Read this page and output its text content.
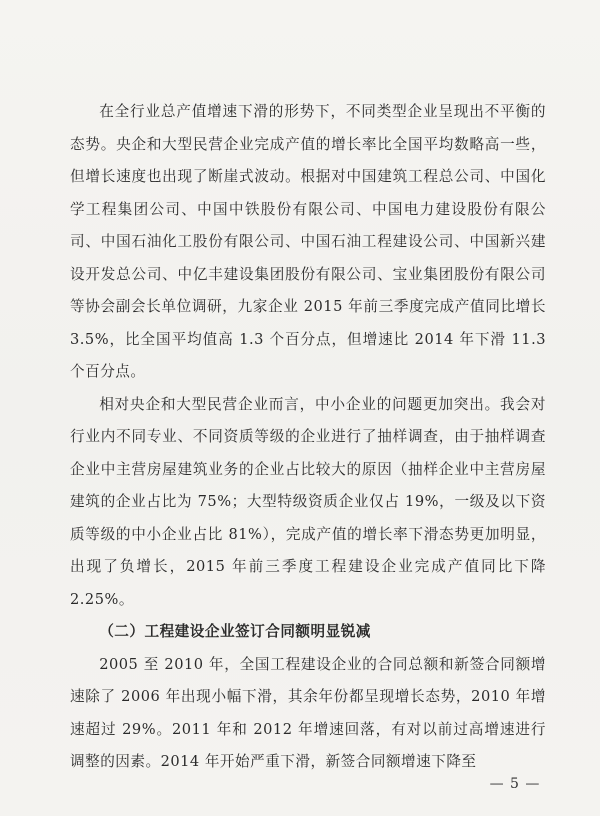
在全行业总产值增速下滑的形势下，不同类型企业呈现出不平衡的态势。央企和大型民营企业完成产值的增长率比全国平均数略高一些，但增长速度也出现了断崖式波动。根据对中国建筑工程总公司、中国化学工程集团公司、中国中铁股份有限公司、中国电力建设股份有限公司、中国石油化工股份有限公司、中国石油工程建设公司、中国新兴建设开发总公司、中亿丰建设集团股份有限公司、宝业集团股份有限公司等协会副会长单位调研，九家企业 2015 年前三季度完成产值同比增长 3.5%，比全国平均值高 1.3 个百分点，但增速比 2014 年下滑 11.3 个百分点。

相对央企和大型民营企业而言，中小企业的问题更加突出。我会对行业内不同专业、不同资质等级的企业进行了抽样调查，由于抽样调查企业中主营房屋建筑业务的企业占比较大的原因（抽样企业中主营房屋建筑的企业占比为 75%；大型特级资质企业仅占 19%，一级及以下资质等级的中小企业占比 81%），完成产值的增长率下滑态势更加明显，出现了负增长，2015 年前三季度工程建设企业完成产值同比下降 2.25%。

（二）工程建设企业签订合同额明显锐减

2005 至 2010 年，全国工程建设企业的合同总额和新签合同额增速除了 2006 年出现小幅下滑，其余年份都呈现增长态势，2010 年增速超过 29%。2011 年和 2012 年增速回落，有对以前过高增速进行调整的因素。2014 年开始严重下滑，新签合同额增速下降至

— 5 —
